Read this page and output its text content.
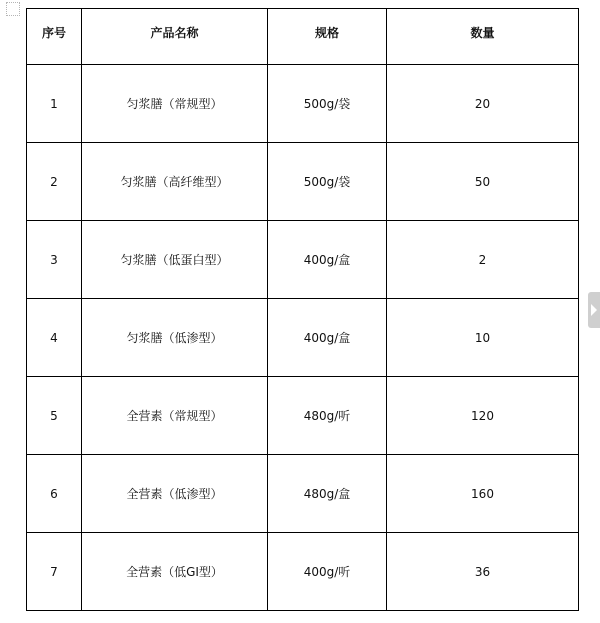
序号	产品名称	规格	数量
1	匀浆膳（常规型）	500g/袋	20
2	匀浆膳（高纤维型）	500g/袋	50
3	匀浆膳（低蛋白型）	400g/盒	2
4	匀浆膳（低渗型）	400g/盒	10
5	全营素（常规型）	480g/听	120
6	全营素（低渗型）	480g/盒	160
7	全营素（低GI型）	400g/听	36
